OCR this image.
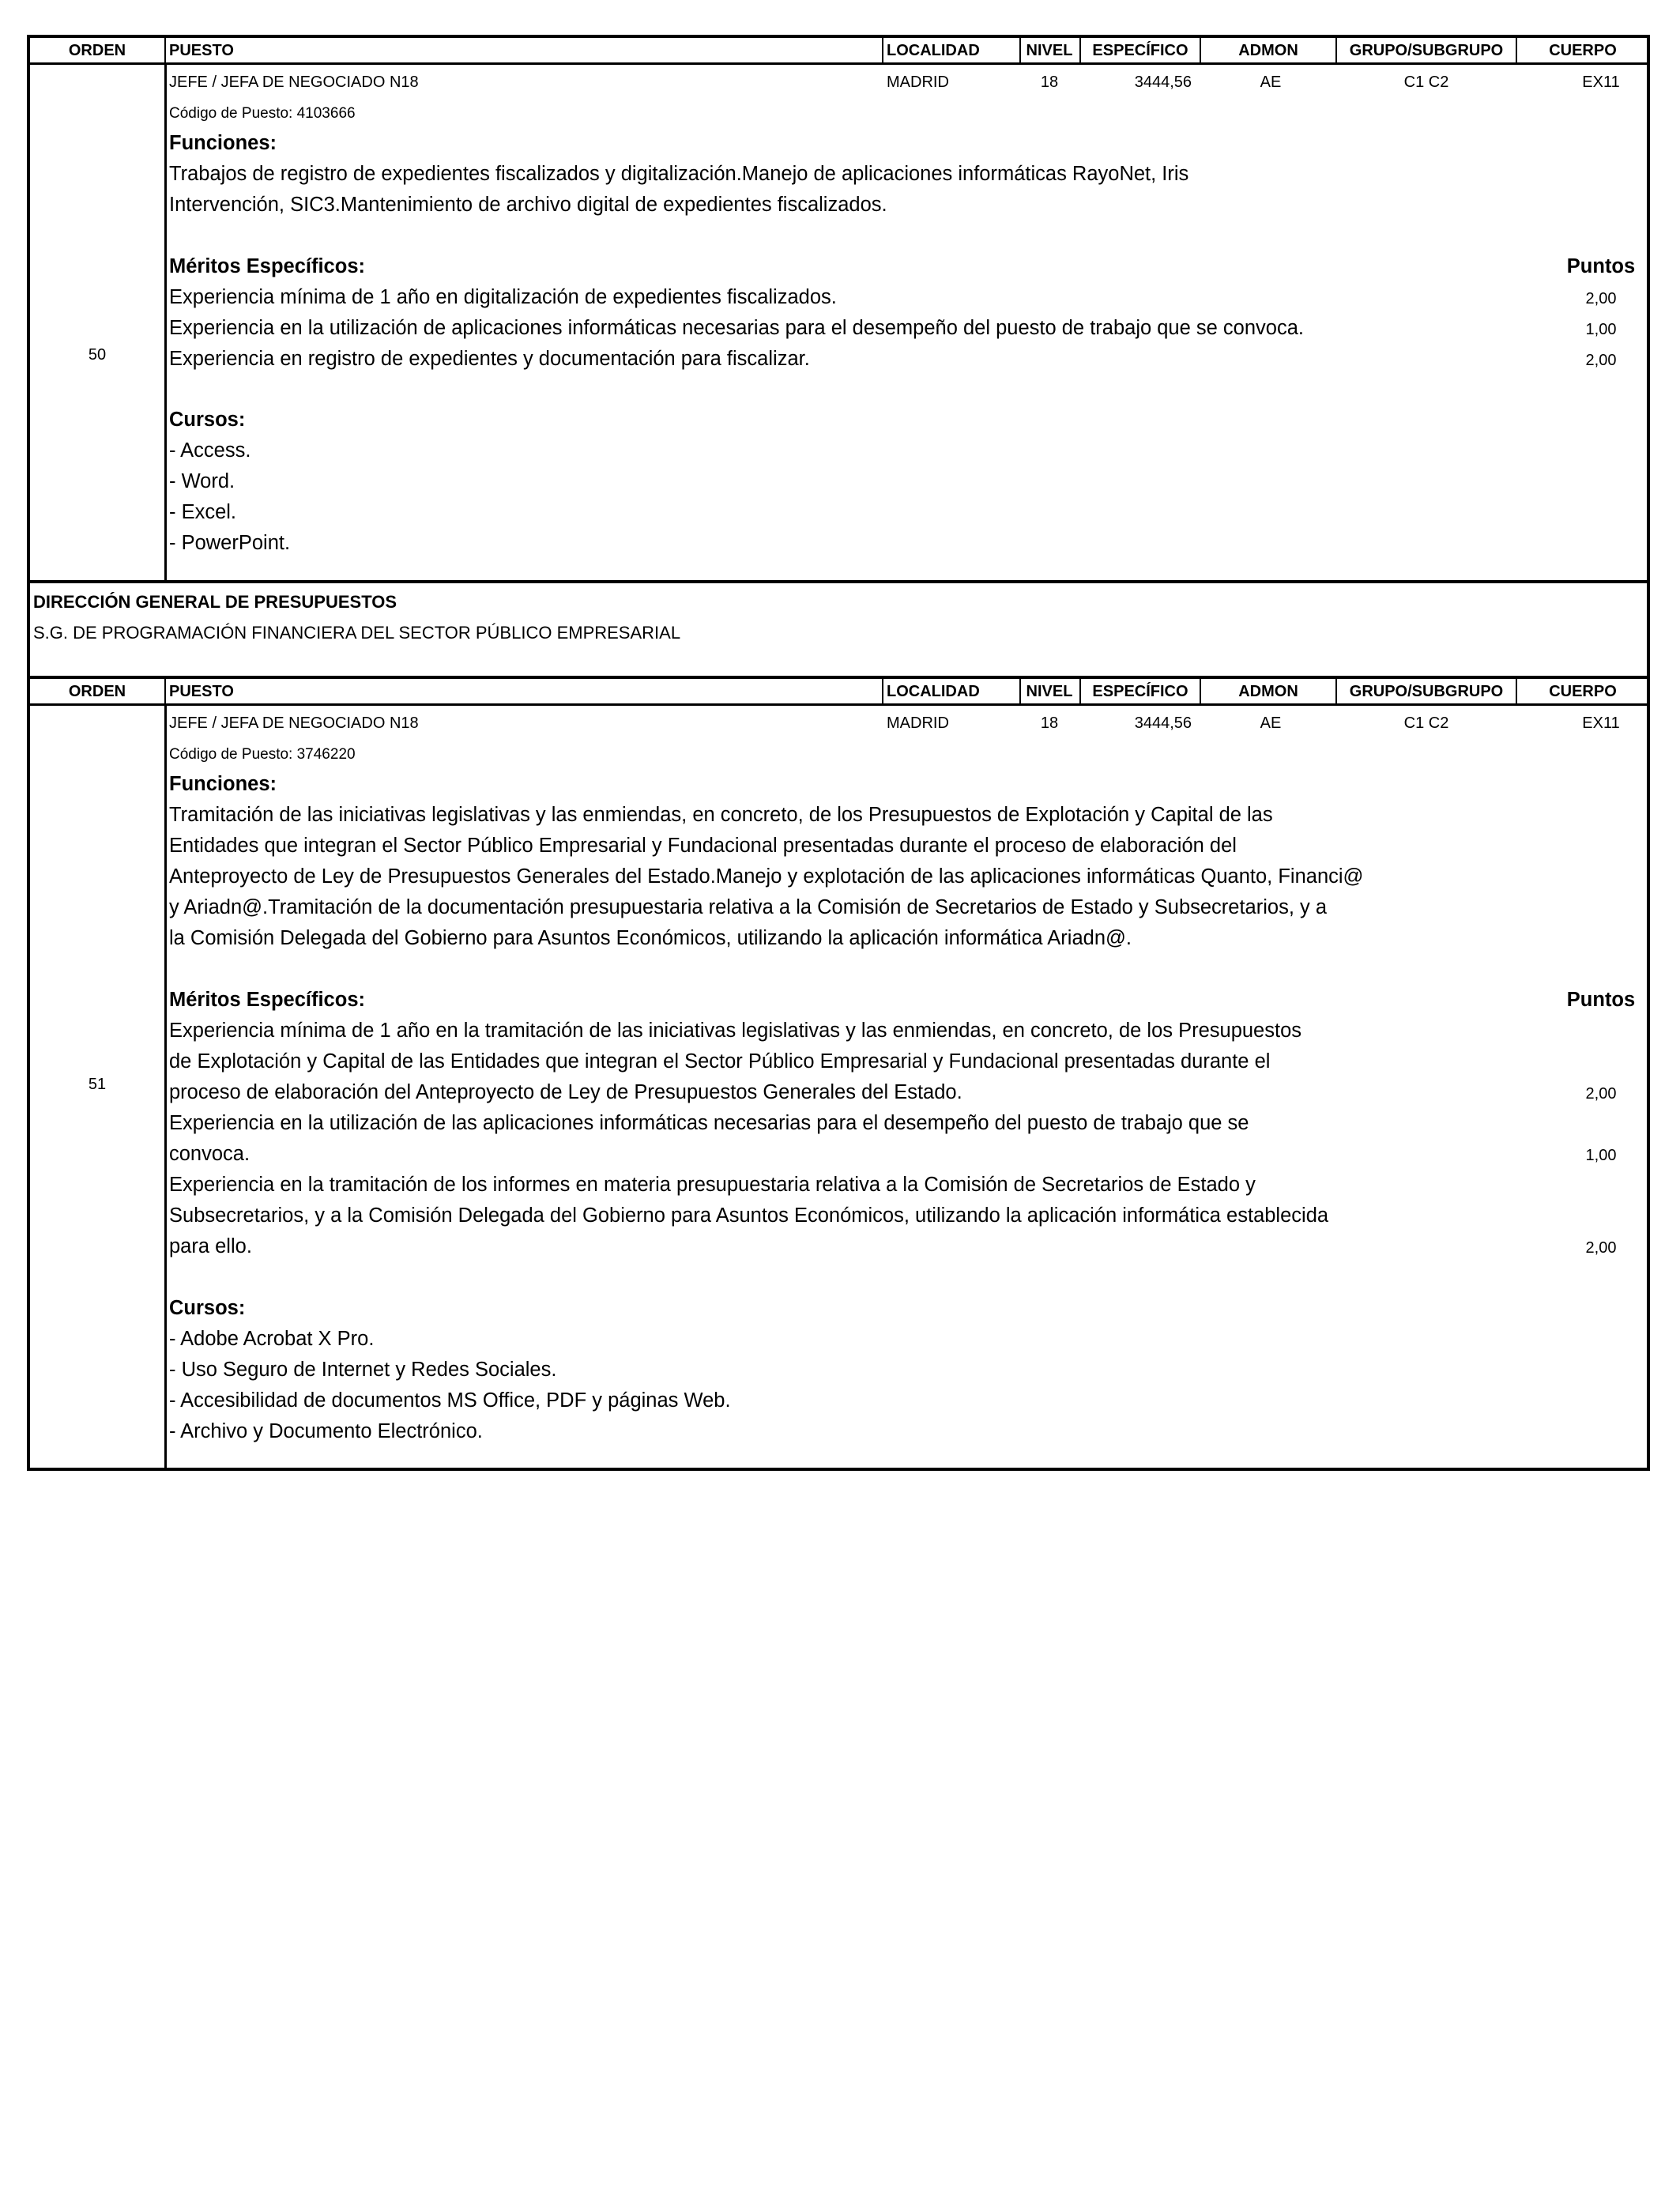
ORDEN	PUESTO	LOCALIDAD	NIVEL	ESPECÍFICO	ADMON	GRUPO/SUBGRUPO	CUERPO
50
JEFE / JEFA DE NEGOCIADO N18	MADRID	18	3444,56	AE	C1 C2	EX11
Código de Puesto: 4103666
Funciones:
Trabajos de registro de expedientes fiscalizados y digitalización.Manejo de aplicaciones informáticas RayoNet, Iris
Intervención, SIC3.Mantenimiento de archivo digital de expedientes fiscalizados.
Méritos Específicos:	Puntos
Experiencia mínima de 1 año en digitalización de expedientes fiscalizados.	2,00
Experiencia en la utilización de aplicaciones informáticas necesarias para el desempeño del puesto de trabajo que se convoca.	1,00
Experiencia en registro de expedientes y documentación para fiscalizar.	2,00
Cursos:
- Access.
- Word.
- Excel.
- PowerPoint.
DIRECCIÓN GENERAL DE PRESUPUESTOS
S.G. DE PROGRAMACIÓN FINANCIERA DEL SECTOR PÚBLICO EMPRESARIAL
ORDEN	PUESTO	LOCALIDAD	NIVEL	ESPECÍFICO	ADMON	GRUPO/SUBGRUPO	CUERPO
51
JEFE / JEFA DE NEGOCIADO N18	MADRID	18	3444,56	AE	C1 C2	EX11
Código de Puesto: 3746220
Funciones:
Tramitación de las iniciativas legislativas y las enmiendas, en concreto, de los Presupuestos de Explotación y Capital de las
Entidades que integran el Sector Público Empresarial y Fundacional presentadas durante el proceso de elaboración del
Anteproyecto de Ley de Presupuestos Generales del Estado.Manejo y explotación de las aplicaciones informáticas Quanto, Financi@
y Ariadn@.Tramitación de la documentación presupuestaria relativa a la Comisión de Secretarios de Estado y Subsecretarios, y a
la Comisión Delegada del Gobierno para Asuntos Económicos, utilizando la aplicación informática Ariadn@.
Méritos Específicos:	Puntos
Experiencia mínima de 1 año en la tramitación de las iniciativas legislativas y las enmiendas, en concreto, de los Presupuestos
de Explotación y Capital de las Entidades que integran el Sector Público Empresarial y Fundacional presentadas durante el
proceso de elaboración del Anteproyecto de Ley de Presupuestos Generales del Estado.	2,00
Experiencia en la utilización de las aplicaciones informáticas necesarias para el desempeño del puesto de trabajo que se
convoca.	1,00
Experiencia en la tramitación de los informes en materia presupuestaria relativa a la Comisión de Secretarios de Estado y
Subsecretarios, y a la Comisión Delegada del Gobierno para Asuntos Económicos, utilizando la aplicación informática establecida
para ello.	2,00
Cursos:
- Adobe Acrobat X Pro.
- Uso Seguro de Internet y Redes Sociales.
- Accesibilidad de documentos MS Office, PDF y páginas Web.
- Archivo y Documento Electrónico.
